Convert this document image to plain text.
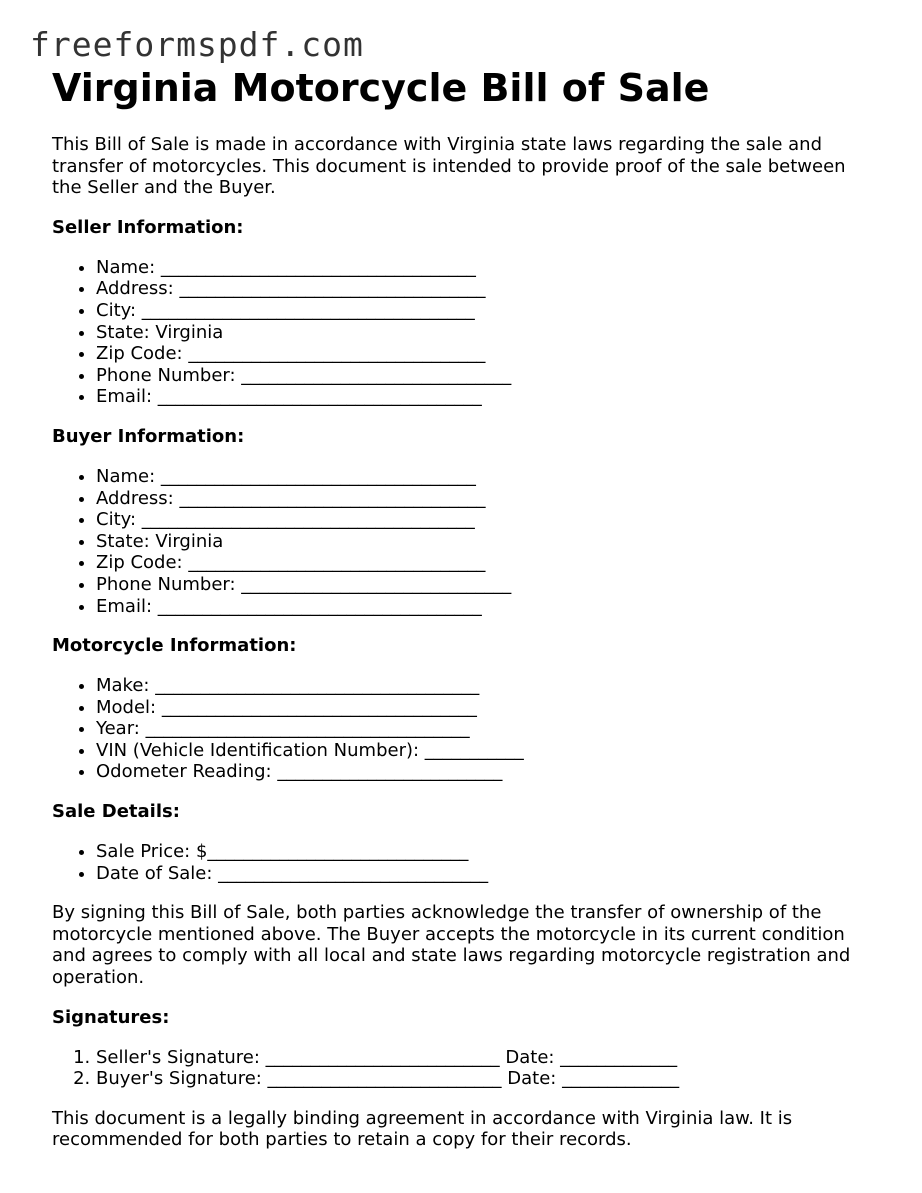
freeformspdf.com
Virginia Motorcycle Bill of Sale

This Bill of Sale is made in accordance with Virginia state laws regarding the sale and transfer of motorcycles. This document is intended to provide proof of the sale between the Seller and the Buyer.

Seller Information:
• Name: ___________________________________
• Address: __________________________________
• City: _____________________________________
• State: Virginia
• Zip Code: _________________________________
• Phone Number: ______________________________
• Email: ____________________________________
Buyer Information:
• Name: ___________________________________
• Address: __________________________________
• City: _____________________________________
• State: Virginia
• Zip Code: _________________________________
• Phone Number: ______________________________
• Email: ____________________________________
Motorcycle Information:
• Make: ____________________________________
• Model: ___________________________________
• Year: ____________________________________
• VIN (Vehicle Identification Number): ___________
• Odometer Reading: _________________________
Sale Details:
• Sale Price: $_____________________________
• Date of Sale: ______________________________

By signing this Bill of Sale, both parties acknowledge the transfer of ownership of the motorcycle mentioned above. The Buyer accepts the motorcycle in its current condition and agrees to comply with all local and state laws regarding motorcycle registration and operation.

Signatures:
1. Seller's Signature: __________________________ Date: _____________
2. Buyer's Signature: __________________________ Date: _____________

This document is a legally binding agreement in accordance with Virginia law. It is recommended for both parties to retain a copy for their records.
